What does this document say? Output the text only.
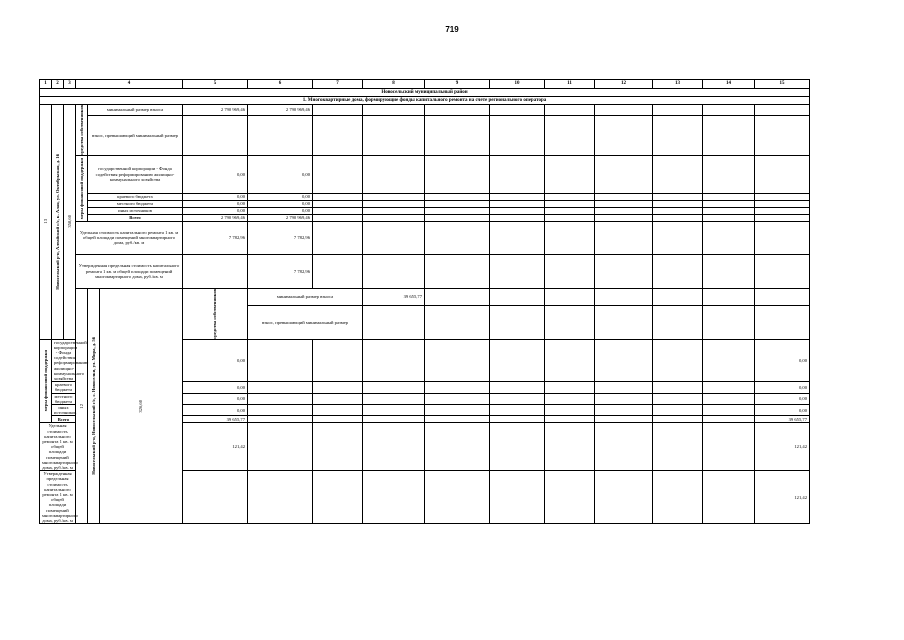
719
1	2	3	4			5	6	7	8	9	10	11	12	13	14	15	
Новосельский муниципальный район																	
1. Многоквартирные дома, формирующие фонды капитального ремонта на счете регионального оператора																	

13	Новосельский р-н, Алтайский с/с, к. Алая, ул. Октябрьская, д. 16	358,60	средства собственников	минимальный размер взноса		2 790 969,46	2 790 969,46										
				взнос, превышающий минимальный размер													

			меры финансовой поддержки	государственной корпорации - Фонда содействия реформированию жилищно-коммунального хозяйства		0,00	0,00										
				краевого бюджета		0,00	0,00										
				местного бюджета		0,00	0,00										
				иных источников		0,00	0,00										
				Всего		2 790 969,46	2 790 969,46										
			Удельная стоимость капитального ремонта 1 кв. м общей площади помещений многоквартирного дома, руб./кв. м			7 782,96	7 782,96										
			Утвержденная предельная стоимость капитального ремонта 1 кв. м общей площади помещений многоквартирного дома, руб./кв. м				7 782,96										

			12	Новосельский р-н, Новосельский с/с, с. Новоселки, ул. Мира, д. 56	326,60	средства собственников	минимальный размер взноса		39 655,77										
							взнос, превышающий минимальный размер											

меры финансовой поддержки	государственной корпорации - Фонда содействия реформированию жилищно-коммунального хозяйства					0,00										0,00	
	краевого бюджета					0,00										0,00	
	местного бюджета					0,00										0,00	
	иных источников					0,00										0,00	
	Всего					39 655,77										39 655,77	
Удельная стоимость капитального ремонта 1 кв. м общей площади помещений многоквартирного дома, руб./кв. м						121,42										121,42	
Утвержденная предельная стоимость капитального ремонта 1 кв. м общей площади помещений многоквартирного дома, руб./кв. м																121,42	
